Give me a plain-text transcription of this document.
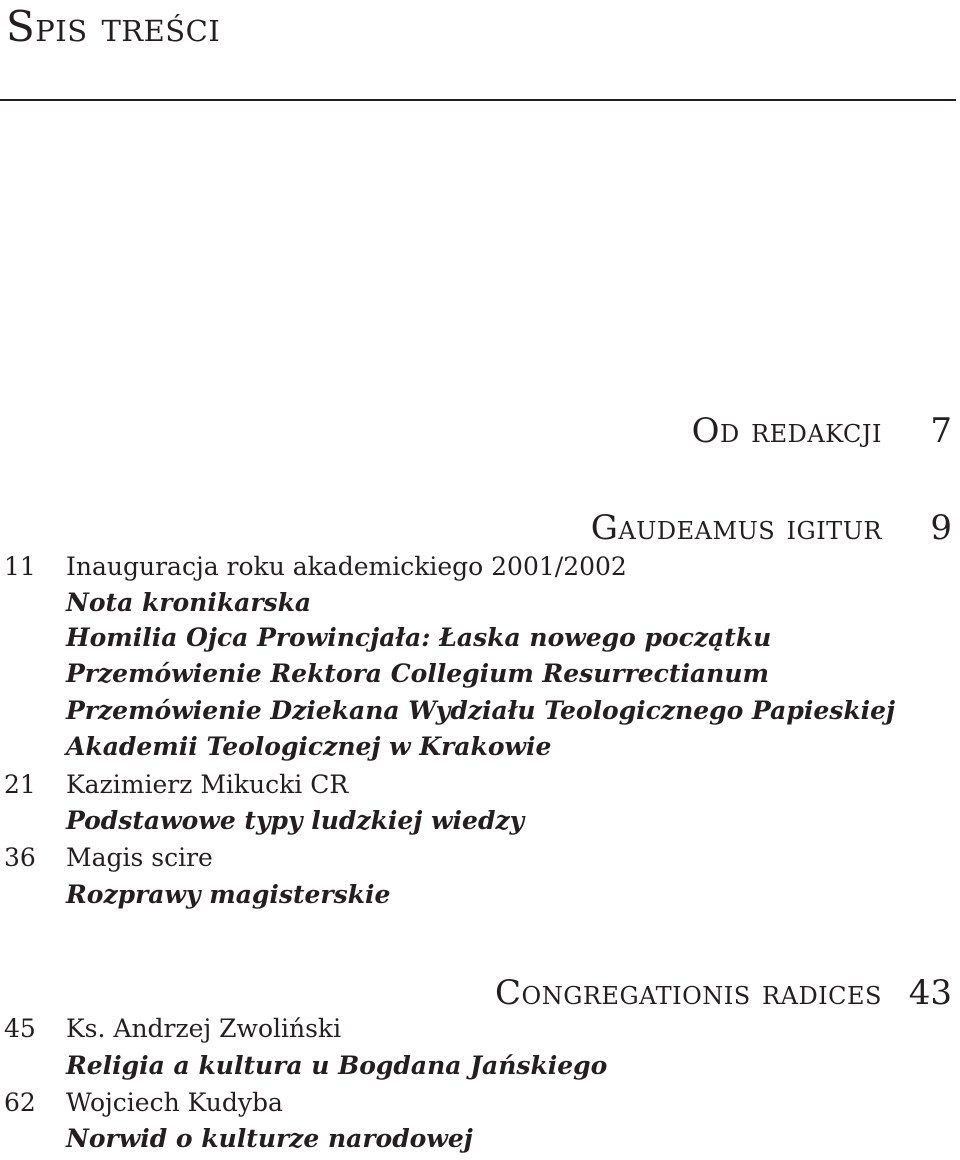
Spis treści
Od redakcji	7
Gaudeamus igitur	9
11	Inauguracja roku akademickiego 2001/2002
Nota kronikarska
Homilia Ojca Prowincjała: Łaska nowego początku
Przemówienie Rektora Collegium Resurrectianum
Przemówienie Dziekana Wydziału Teologicznego Papieskiej
Akademii Teologicznej w Krakowie
21	Kazimierz Mikucki CR
Podstawowe typy ludzkiej wiedzy
36	Magis scire
Rozprawy magisterskie
Congregationis radices 43
45	Ks. Andrzej Zwoliński
Religia a kultura u Bogdana Jańskiego
62	Wojciech Kudyba
Norwid o kulturze narodowej
